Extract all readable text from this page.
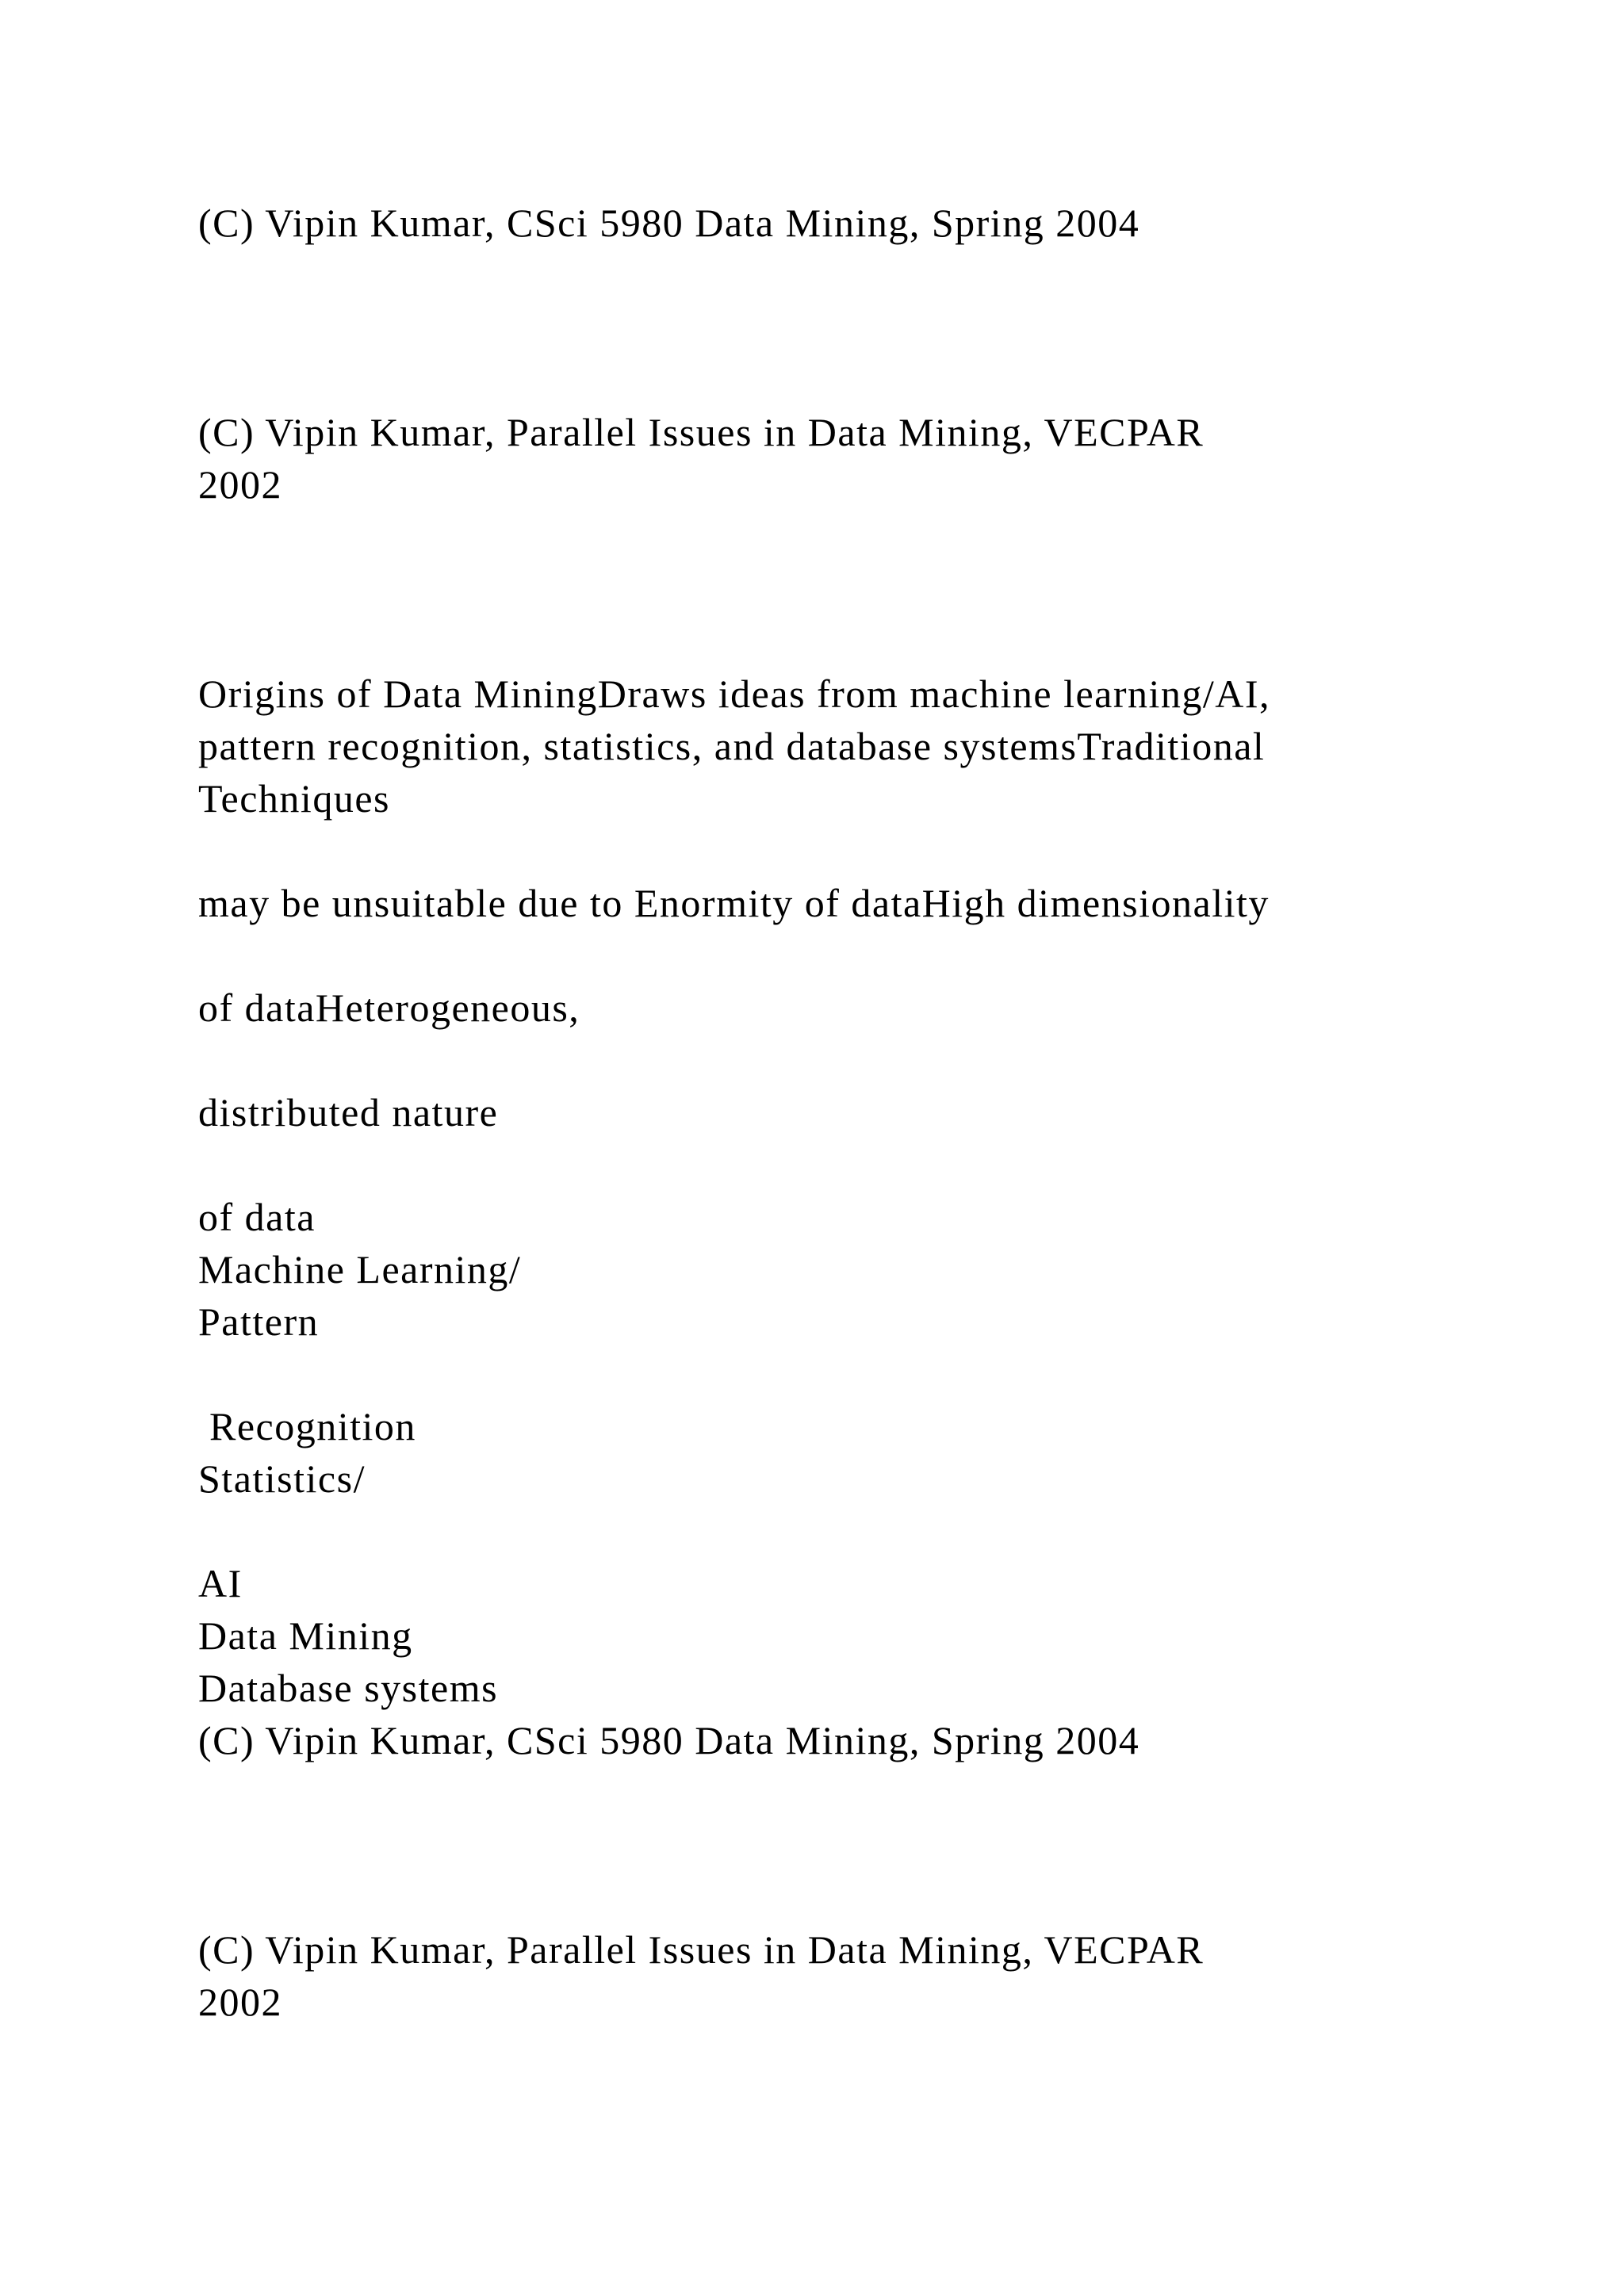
(C) Vipin Kumar, CSci 5980 Data Mining, Spring 2004

(C) Vipin Kumar, Parallel Issues in Data Mining, VECPAR

2002

Origins of Data MiningDraws ideas from machine learning/AI,

pattern recognition, statistics, and database systemsTraditional

Techniques

may be unsuitable due to Enormity of dataHigh dimensionality

of dataHeterogeneous,

distributed nature

of data

Machine Learning/

Pattern

Recognition

Statistics/

AI

Data Mining

Database systems

(C) Vipin Kumar, CSci 5980 Data Mining, Spring 2004

(C) Vipin Kumar, Parallel Issues in Data Mining, VECPAR

2002
